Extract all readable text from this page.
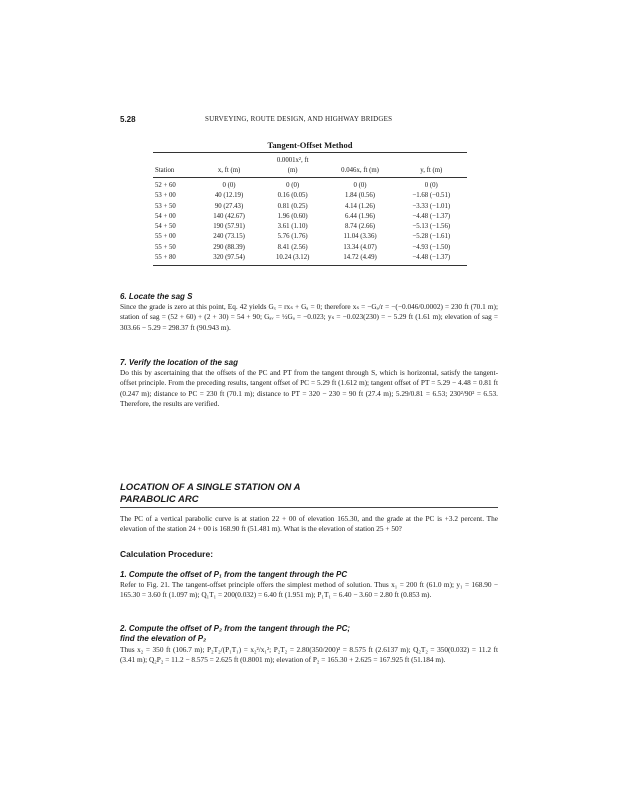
5.28	SURVEYING, ROUTE DESIGN, AND HIGHWAY BRIDGES
Tangent-Offset Method
		0.0001x², ft		
Station	x, ft (m)	(m)	0.046x, ft (m)	y, ft (m)
52 + 60	0 (0)	0 (0)	0 (0)	0 (0)
53 + 00	40 (12.19)	0.16 (0.05)	1.84 (0.56)	−1.68 (−0.51)
53 + 50	90 (27.43)	0.81 (0.25)	4.14 (1.26)	−3.33 (−1.01)
54 + 00	140 (42.67)	1.96 (0.60)	6.44 (1.96)	−4.48 (−1.37)
54 + 50	190 (57.91)	3.61 (1.10)	8.74 (2.66)	−5.13 (−1.56)
55 + 00	240 (73.15)	5.76 (1.76)	11.04 (3.36)	−5.28 (−1.61)
55 + 50	290 (88.39)	8.41 (2.56)	13.34 (4.07)	−4.93 (−1.50)
55 + 80	320 (97.54)	10.24 (3.12)	14.72 (4.49)	−4.48 (−1.37)
6. Locate the sag S
Since the grade is zero at this point, Eq. 42 yields Gₓ = rxₛ + Gₐ = 0; therefore xₛ = −Gₐ/r = −(−0.046/0.0002) = 230 ft (70.1 m); station of sag = (52 + 60) + (2 + 30) = 54 + 90; Gₐᵥ = ½Gₐ = −0.023; yₛ = −0.023(230) = − 5.29 ft (1.61 m); elevation of sag = 303.66 − 5.29 = 298.37 ft (90.943 m).
7. Verify the location of the sag
Do this by ascertaining that the offsets of the PC and PT from the tangent through S, which is horizontal, satisfy the tangent-offset principle. From the preceding results, tangent offset of PC = 5.29 ft (1.612 m); tangent offset of PT = 5.29 − 4.48 = 0.81 ft (0.247 m); distance to PC = 230 ft (70.1 m); distance to PT = 320 − 230 = 90 ft (27.4 m); 5.29/0.81 = 6.53; 230²/90² = 6.53. Therefore, the results are verified.
LOCATION OF A SINGLE STATION ON A
PARABOLIC ARC
The PC of a vertical parabolic curve is at station 22 + 00 of elevation 165.30, and the grade at the PC is +3.2 percent. The elevation of the station 24 + 00 is 168.90 ft (51.481 m). What is the elevation of station 25 + 50?
Calculation Procedure:
1. Compute the offset of P₁ from the tangent through the PC
Refer to Fig. 21. The tangent-offset principle offers the simplest method of solution. Thus x₁ = 200 ft (61.0 m); y₁ = 168.90 − 165.30 = 3.60 ft (1.097 m); Q₁T₁ = 200(0.032) = 6.40 ft (1.951 m); P₁T₁ = 6.40 − 3.60 = 2.80 ft (0.853 m).
2. Compute the offset of P₂ from the tangent through the PC;
find the elevation of P₂
Thus x₂ = 350 ft (106.7 m); P₂T₂/(P₁T₁) = x₂²/x₁²; P₂T₂ = 2.80(350/200)² = 8.575 ft (2.6137 m); Q₂T₂ = 350(0.032) = 11.2 ft (3.41 m); Q₂P₂ = 11.2 − 8.575 = 2.625 ft (0.8001 m); elevation of P₂ = 165.30 + 2.625 = 167.925 ft (51.184 m).
